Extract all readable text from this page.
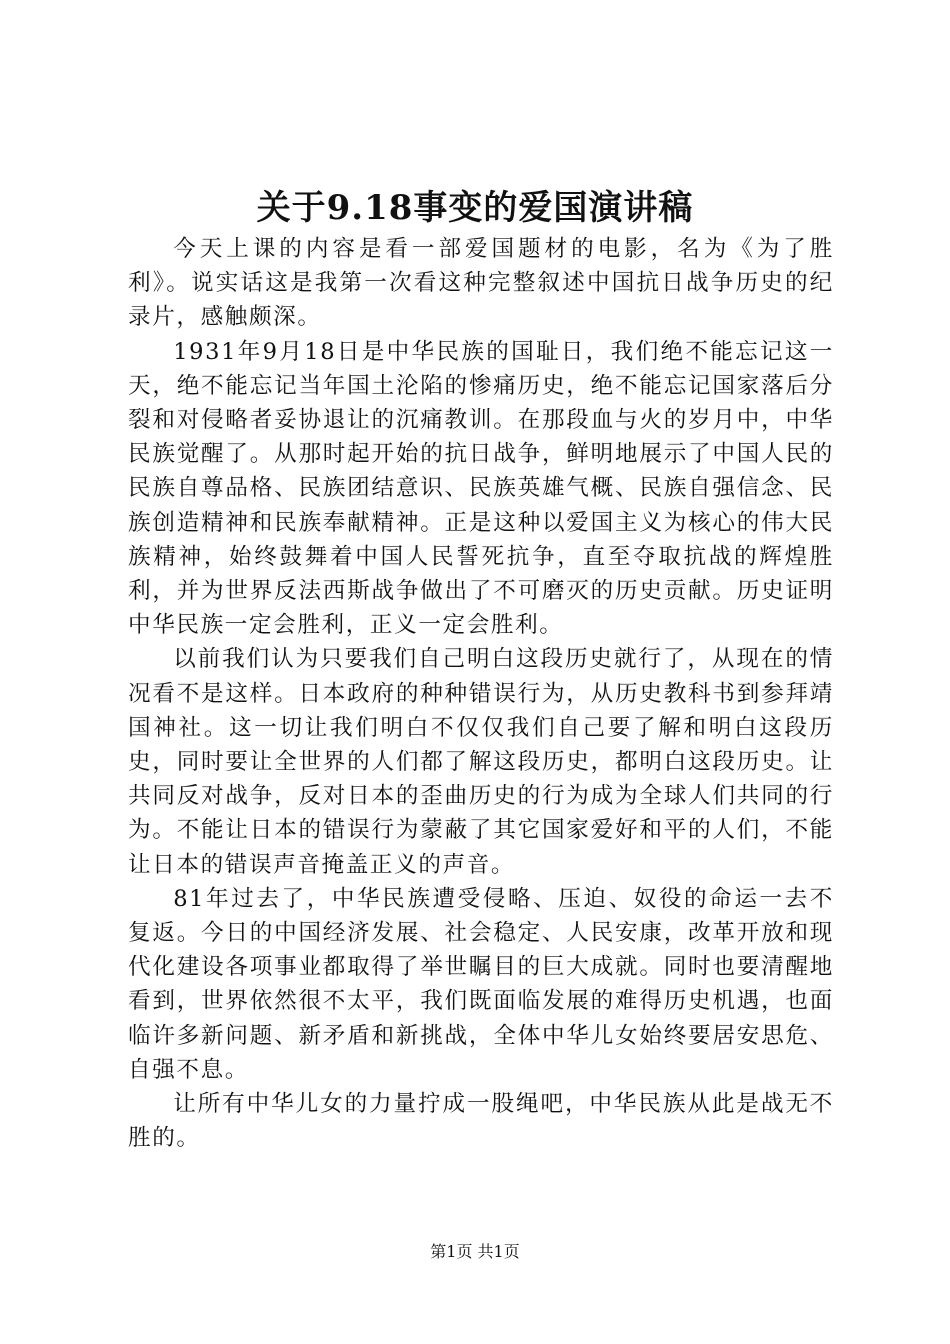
关于9.18事变的爱国演讲稿

今天上课的内容是看一部爱国题材的电影，名为《为了胜利》。说实话这是我第一次看这种完整叙述中国抗日战争历史的纪录片，感触颇深。

1931年9月18日是中华民族的国耻日，我们绝不能忘记这一天，绝不能忘记当年国土沦陷的惨痛历史，绝不能忘记国家落后分裂和对侵略者妥协退让的沉痛教训。在那段血与火的岁月中，中华民族觉醒了。从那时起开始的抗日战争，鲜明地展示了中国人民的民族自尊品格、民族团结意识、民族英雄气概、民族自强信念、民族创造精神和民族奉献精神。正是这种以爱国主义为核心的伟大民族精神，始终鼓舞着中国人民誓死抗争，直至夺取抗战的辉煌胜利，并为世界反法西斯战争做出了不可磨灭的历史贡献。历史证明中华民族一定会胜利，正义一定会胜利。

以前我们认为只要我们自己明白这段历史就行了，从现在的情况看不是这样。日本政府的种种错误行为，从历史教科书到参拜靖国神社。这一切让我们明白不仅仅我们自己要了解和明白这段历史，同时要让全世界的人们都了解这段历史，都明白这段历史。让共同反对战争，反对日本的歪曲历史的行为成为全球人们共同的行为。不能让日本的错误行为蒙蔽了其它国家爱好和平的人们，不能让日本的错误声音掩盖正义的声音。

81年过去了，中华民族遭受侵略、压迫、奴役的命运一去不复返。今日的中国经济发展、社会稳定、人民安康，改革开放和现代化建设各项事业都取得了举世瞩目的巨大成就。同时也要清醒地看到，世界依然很不太平，我们既面临发展的难得历史机遇，也面临许多新问题、新矛盾和新挑战，全体中华儿女始终要居安思危、自强不息。

让所有中华儿女的力量拧成一股绳吧，中华民族从此是战无不胜的。

第1页 共1页
